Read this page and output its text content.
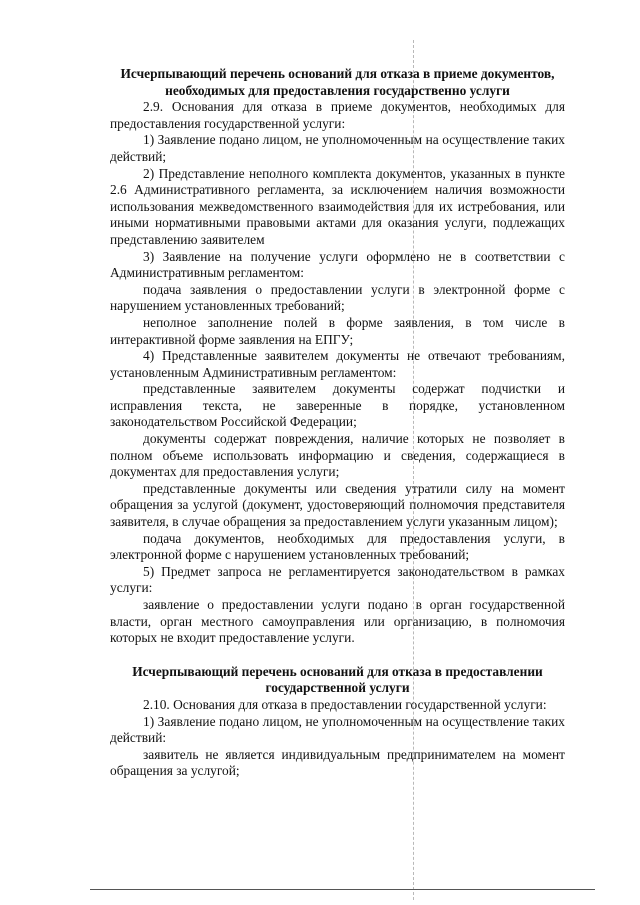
Исчерпывающий перечень оснований для отказа в приеме документов, необходимых для предоставления государственно услуги

2.9. Основания для отказа в приеме документов, необходимых для предоставления государственной услуги:

1) Заявление подано лицом, не уполномоченным на осуществление таких действий;

2) Представление неполного комплекта документов, указанных в пункте 2.6 Административного регламента, за исключением наличия возможности использования межведомственного взаимодействия для их истребования, или иными нормативными правовыми актами для оказания услуги, подлежащих представлению заявителем

3) Заявление на получение услуги оформлено не в соответствии с Административным регламентом:

подача заявления о предоставлении услуги в электронной форме с нарушением установленных требований;

неполное заполнение полей в форме заявления, в том числе в интерактивной форме заявления на ЕПГУ;

4) Представленные заявителем документы не отвечают требованиям, установленным Административным регламентом:

представленные заявителем документы содержат подчистки и исправления текста, не заверенные в порядке, установленном законодательством Российской Федерации;

документы содержат повреждения, наличие которых не позволяет в полном объеме использовать информацию и сведения, содержащиеся в документах для предоставления услуги;

представленные документы или сведения утратили силу на момент обращения за услугой (документ, удостоверяющий полномочия представителя заявителя, в случае обращения за предоставлением услуги указанным лицом);

подача документов, необходимых для предоставления услуги, в электронной форме с нарушением установленных требований;

5) Предмет запроса не регламентируется законодательством в рамках услуги:

заявление о предоставлении услуги подано в орган государственной власти, орган местного самоуправления или организацию, в полномочия которых не входит предоставление услуги.

Исчерпывающий перечень оснований для отказа в предоставлении государственной услуги

2.10. Основания для отказа в предоставлении государственной услуги:

1) Заявление подано лицом, не уполномоченным на осуществление таких действий:

заявитель не является индивидуальным предпринимателем на момент обращения за услугой;
